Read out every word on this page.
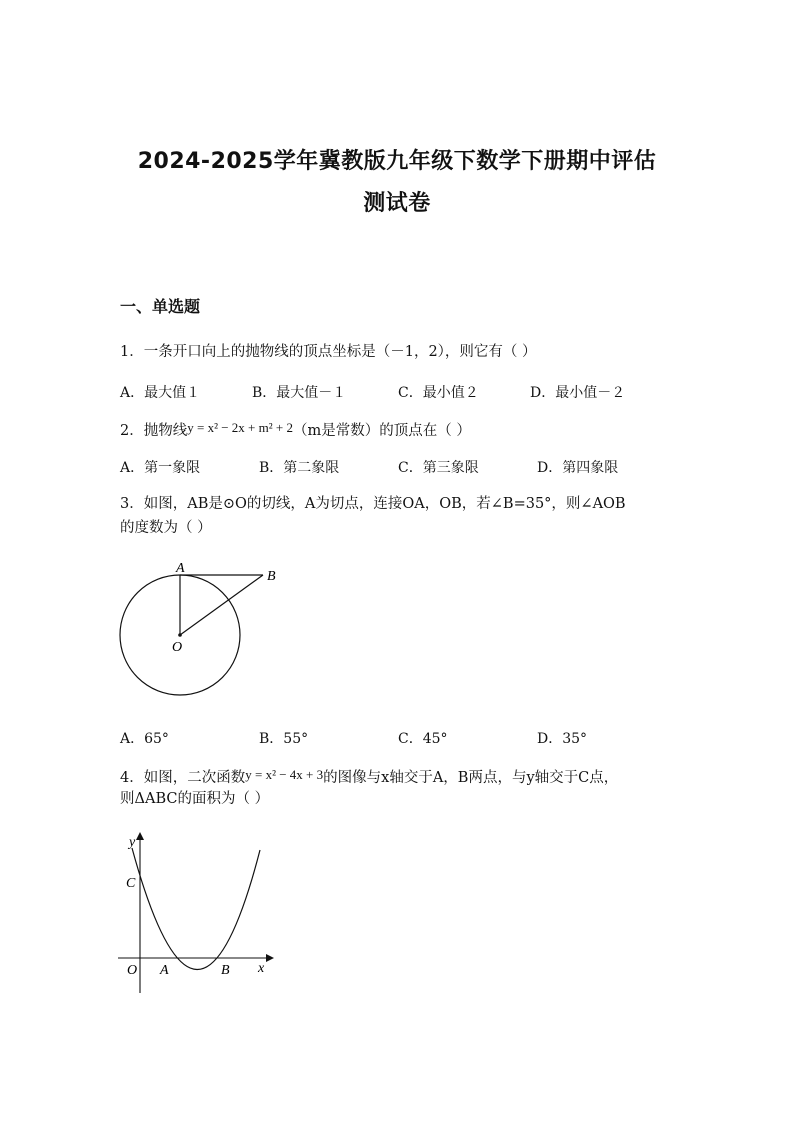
2024-2025学年冀教版九年级下数学下册期中评估
测试卷
一、单选题
1．一条开口向上的抛物线的顶点坐标是（－1，2），则它有（ ）
A．最大值１	B．最大值－１	C．最小值２	D．最小值－２
2．抛物线y = x² − 2x + m² + 2（m是常数）的顶点在（ ）
A．第一象限	B．第二象限	C．第三象限	D．第四象限
3．如图，AB是⊙O的切线，A为切点，连接OA，OB，若∠B=35°，则∠AOB
的度数为（ ）
A
B
O
A．65°	B．55°	C．45°	D．35°
4．如图，二次函数y = x² − 4x + 3的图像与x轴交于A，B两点，与y轴交于C点，
则ΔABC的面积为（ ）
y
x
O A	B
C
